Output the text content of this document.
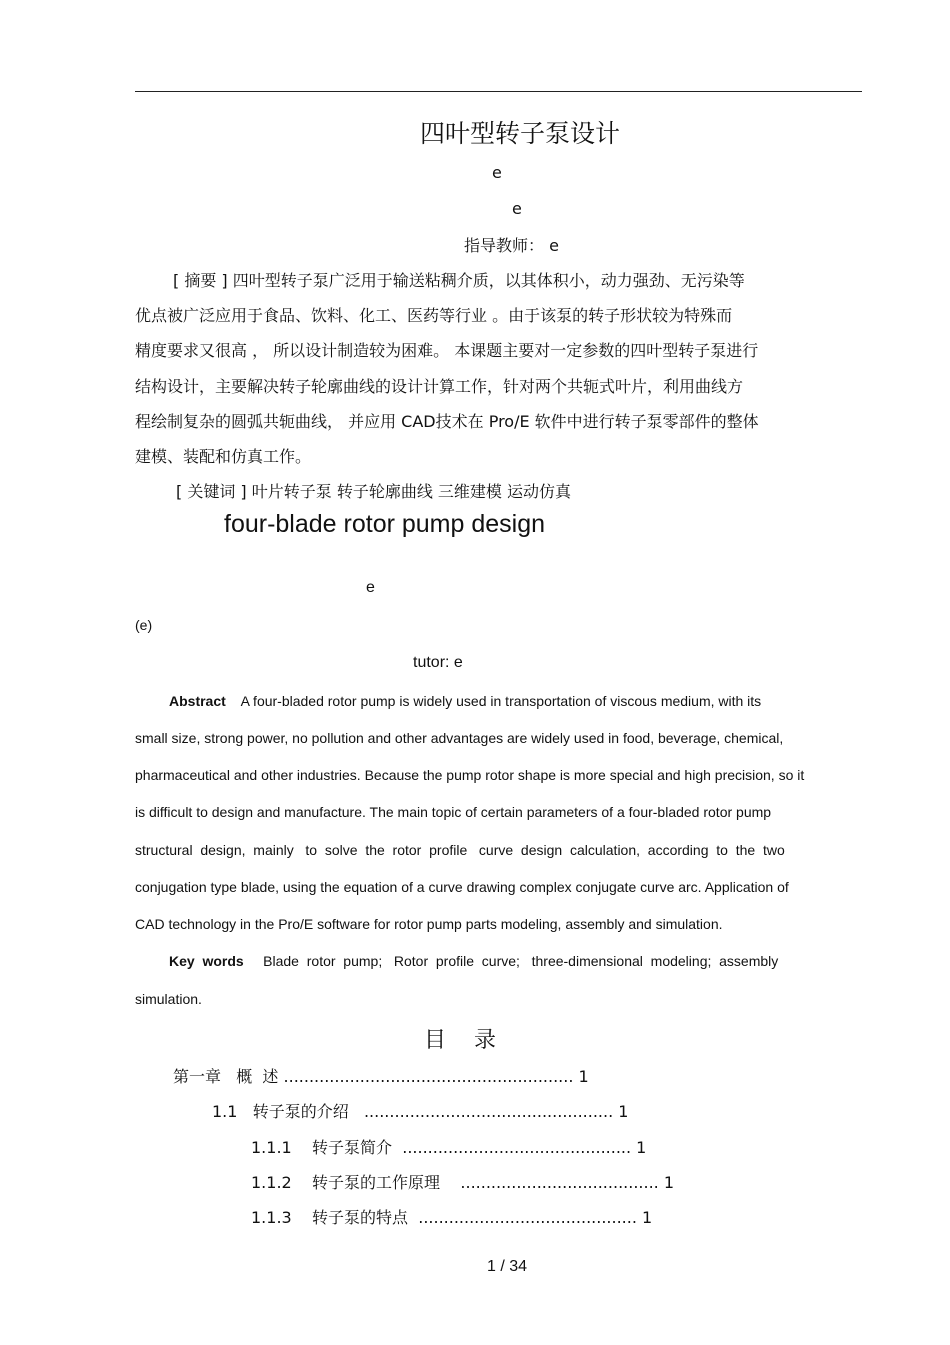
四叶型转子泵设计
e
e
指导教师： e
[ 摘要 ] 四叶型转子泵广泛用于输送粘稠介质，以其体积小，动力强劲、无污染等
优点被广泛应用于食品、饮料、化工、医药等行业 。由于该泵的转子形状较为特殊而
精度要求又很高 ， 所以设计制造较为困难。 本课题主要对一定参数的四叶型转子泵进行
结构设计，主要解决转子轮廓曲线的设计计算工作，针对两个共轭式叶片，利用曲线方
程绘制复杂的圆弧共轭曲线， 并应用 CAD技术在 Pro/E 软件中进行转子泵零部件的整体
建模、装配和仿真工作。
[ 关键词 ] 叶片转子泵 转子轮廓曲线 三维建模 运动仿真
four-blade rotor pump design
e
(e)
tutor: e
Abstract A four-bladed rotor pump is widely used in transportation of viscous medium, with its
small size, strong power, no pollution and other advantages are widely used in food, beverage, chemical,
pharmaceutical and other industries. Because the pump rotor shape is more special and high precision, so it
is difficult to design and manufacture. The main topic of certain parameters of a four-bladed rotor pump
structural  design,  mainly   to  solve  the  rotor  profile   curve  design  calculation,  according  to  the  two
conjugation type blade, using the equation of a curve drawing complex conjugate curve arc. Application of
CAD technology in the Pro/E software for rotor pump parts modeling, assembly and simulation.
Key  words Blade  rotor  pump;   Rotor  profile  curve;   three-dimensional  modeling;  assembly
simulation.
目    录
第一章   概  述 ......................................................... 1
1.1   转子泵的介绍   ................................................. 1
1.1.1    转子泵简介  ............................................. 1
1.1.2    转子泵的工作原理    ....................................... 1
1.1.3    转子泵的特点  ........................................... 1
1 / 34
